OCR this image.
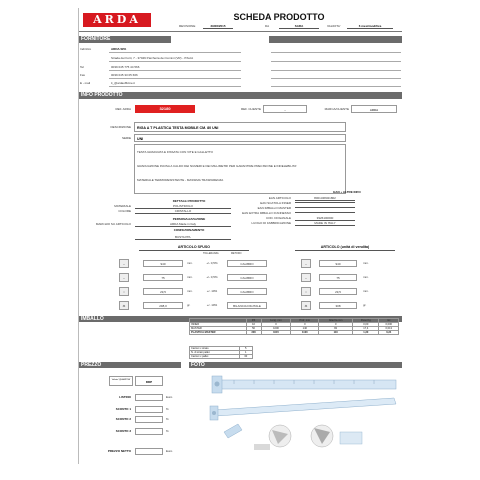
ARDA	SCHEDA PRODOTTO
REVISIONE	29/06/2015	DA	SARA	VALIDITA'	6 mesi/modifica
FORNITORE
Indirizzo	ARDA SPA
Strada dei Forti, 7 - 37049 Parcheria dei Comini (VR) - ITALIA
Tel	0039 045 775 44 566
Fax	0039 045 33 05 666
E - mail	it_@ardaofficine.it
INFO PRODOTTO
REF. ARDA	32180	REF. CLIENTE	-	MARCA/CLIENTE	ARDA
DESCRIZIONE	RIGA A T PLASTICA TESTA MOBILE CM. 80 UNI
SERIE	UNI
TESTA GRADUATA E FISSATA CON VITE E GALLETTO
GRADUAZIONE INCISA A CALDO DEI NUMERI E DEI MILLIMETRI PER GARANTIRE PRECISIONE E INDELEBILITA'
MATERIALE TERMORESISTENTE - MASSIMA TRASPARENZA
DETTAGLI PRODOTTO
MATERIALE	POLISTIROLO
COLORE	CRISTALLO
PERSONALIZZAZIONE
MARCHIO SU ARTICOLO	ARDA Made in Italy
CONFEZIONAMENTO
BUSTA PPL
EAN + ALTRE INFO
EAN ARTICOLO	8001348321802
EAN SCATOLA INNER
EAN IMBALLO MASTER
EAN EXTRA IMBALLO D'ANNESSO
COD. DOGANALE	3926100000
LUOGO DI FABBRICAZIONE	MADE IN ITALY
ARTICOLO SFUSO
TOLLERANZA	METODO
↔	940	mm.	+/- 0,5%	CALIBRO
⇔	75	mm.	+/- 0,5%	CALIBRO
↕	29,5	mm.	+/- 10%	CALIBRO
⚖	298,0	gr.	+/- 10%	BILANCIA DIGITALE
ARTICOLO (unità di vendita)
↔	940	mm.
⇔	75	mm.
↕	29,5	mm.
⚖	308	gr.
IMBALLO
		PZ	Lung. mm	Prof. mm	Altezza mm	Peso Kg	mc
INNER	10	0	0	0	0,00	0,000
MASTER	50	1000	140	82	17,4	0,013
PLASTICA MASTER	300	1015	1100	110	1,30	0,24
Cartoni x strato	5
N. di strati pallet	1
Cartoni x pallet	30
PREZZO
Valuta/ QUANTITA'	DDP
LISTINO	Euro
SCONTO 1	%
SCONTO 2	%
SCONTO 3	%
PREZZO NETTO	Euro
FOTO
